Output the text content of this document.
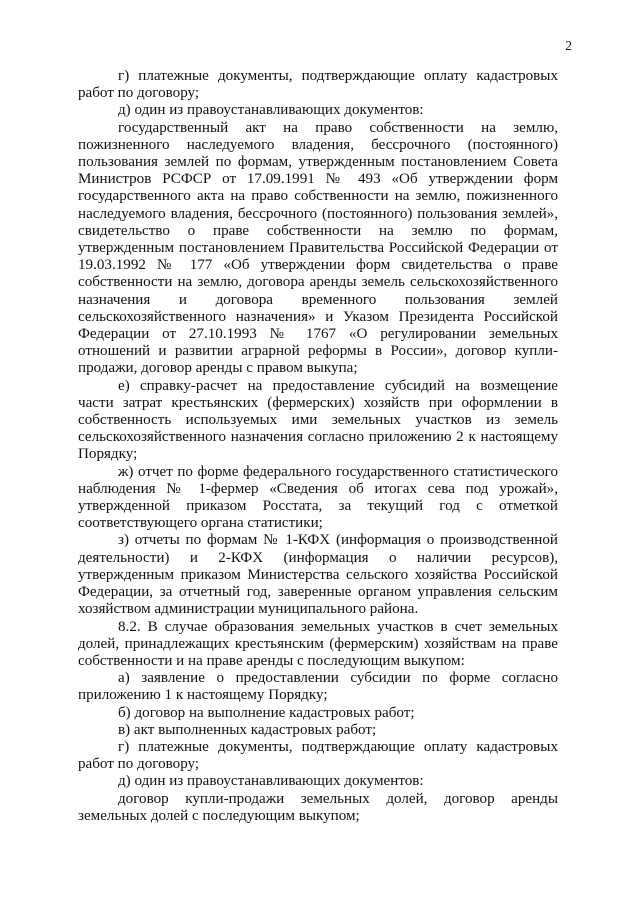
2

г) платежные документы, подтверждающие оплату кадастровых работ по договору;

д) один из правоустанавливающих документов:

государственный акт на право собственности на землю, пожизненного наследуемого владения, бессрочного (постоянного) пользования землей по формам, утвержденным постановлением Совета Министров РСФСР от 17.09.1991 № 493 «Об утверждении форм государственного акта на право собственности на землю, пожизненного наследуемого владения, бессрочного (постоянного) пользования землей», свидетельство о праве собственности на землю по формам, утвержденным постановлением Правительства Российской Федерации от 19.03.1992 № 177 «Об утверждении форм свидетельства о праве собственности на землю, договора аренды земель сельскохозяйственного назначения и договора временного пользования землей сельскохозяйственного назначения» и Указом Президента Российской Федерации от 27.10.1993 № 1767 «О регулировании земельных отношений и развитии аграрной реформы в России», договор купли-продажи, договор аренды с правом выкупа;

е) справку-расчет на предоставление субсидий на возмещение части затрат крестьянских (фермерских) хозяйств при оформлении в собственность используемых ими земельных участков из земель сельскохозяйственного назначения согласно приложению 2 к настоящему Порядку;

ж) отчет по форме федерального государственного статистического наблюдения № 1-фермер «Сведения об итогах сева под урожай», утвержденной приказом Росстата, за текущий год с отметкой соответствующего органа статистики;

з) отчеты по формам № 1-КФХ (информация о производственной деятельности) и 2-КФХ (информация о наличии ресурсов), утвержденным приказом Министерства сельского хозяйства Российской Федерации, за отчетный год, заверенные органом управления сельским хозяйством администрации муниципального района.

8.2. В случае образования земельных участков в счет земельных долей, принадлежащих крестьянским (фермерским) хозяйствам на праве собственности и на праве аренды с последующим выкупом:

а) заявление о предоставлении субсидии по форме согласно приложению 1 к настоящему Порядку;

б) договор на выполнение кадастровых работ;

в) акт выполненных кадастровых работ;

г) платежные документы, подтверждающие оплату кадастровых работ по договору;

д) один из правоустанавливающих документов:

договор купли-продажи земельных долей, договор аренды земельных долей с последующим выкупом;
